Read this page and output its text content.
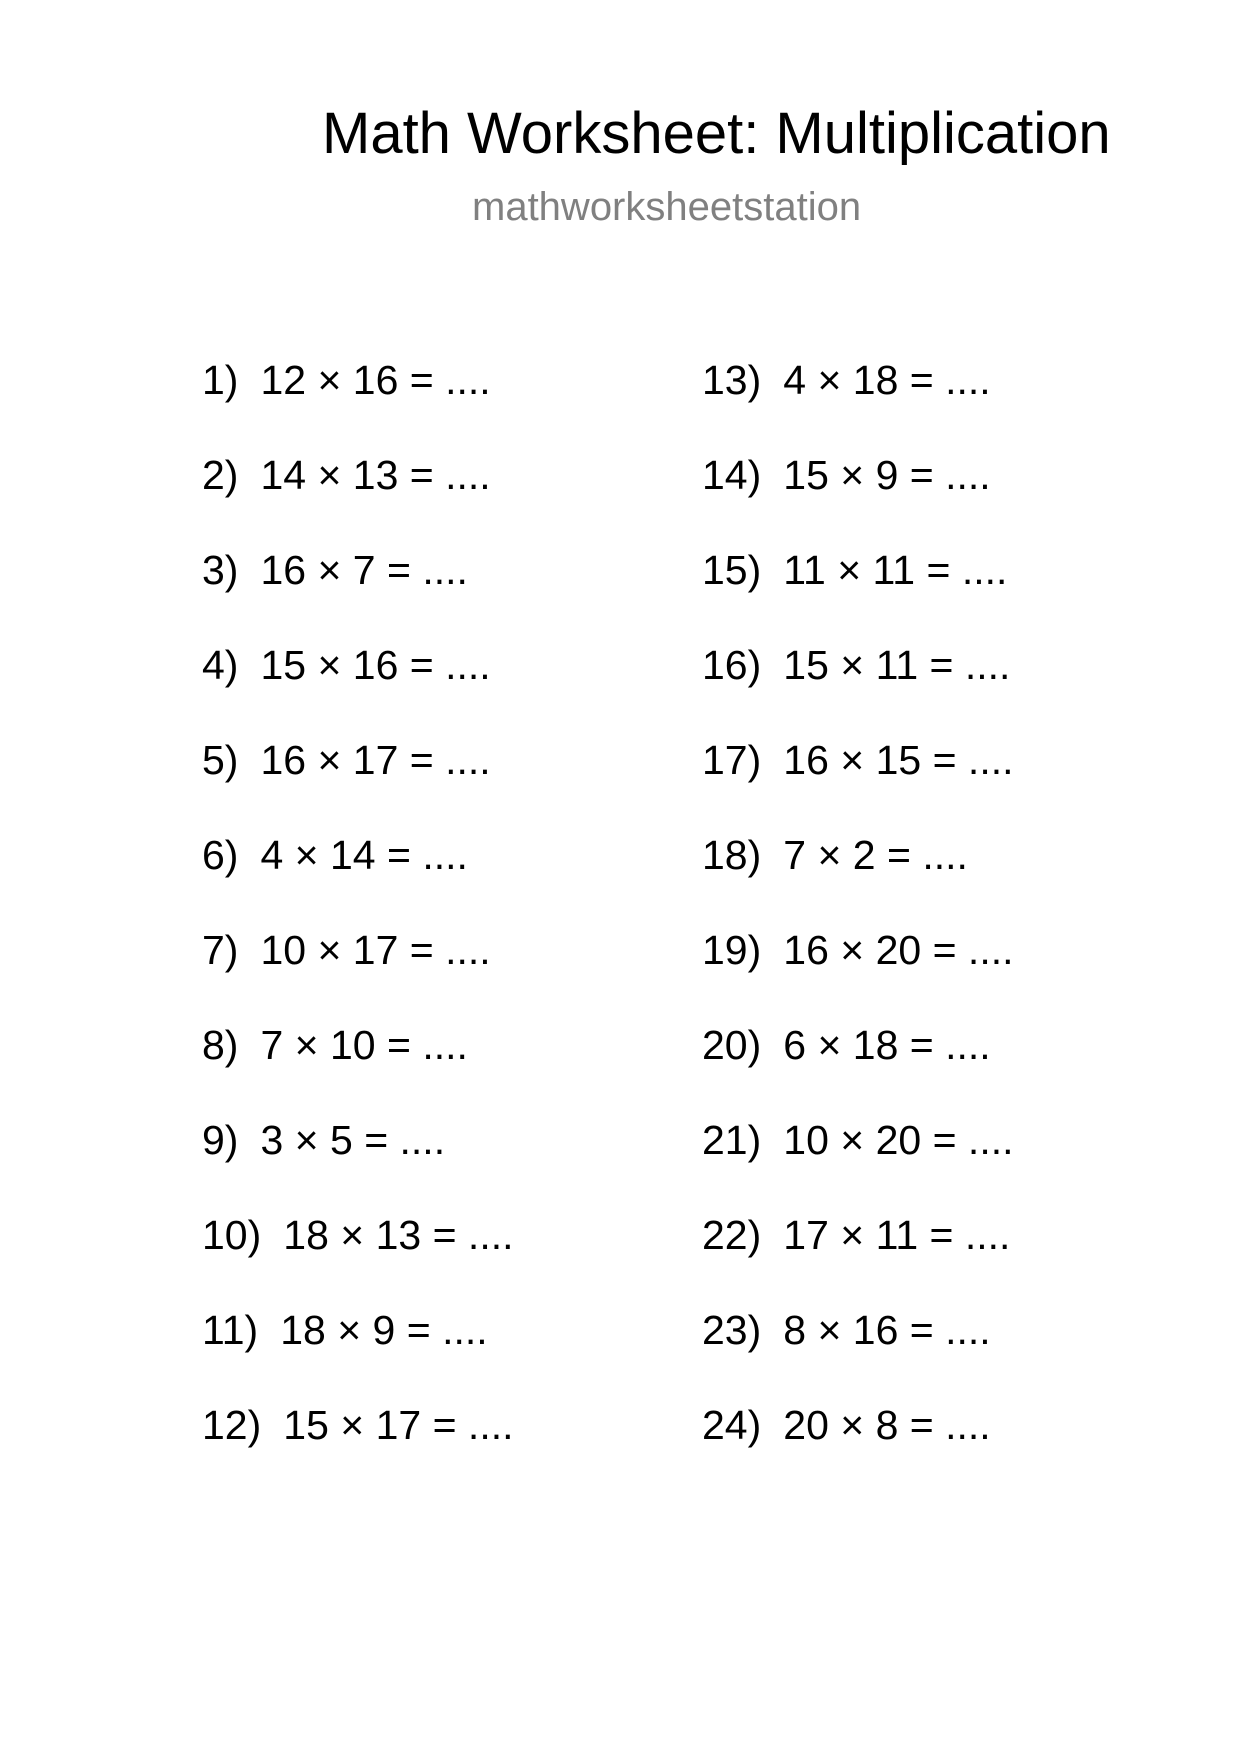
Math Worksheet: Multiplication
mathworksheetstation
1) 12 × 16 = ....
2) 14 × 13 = ....
3) 16 × 7 = ....
4) 15 × 16 = ....
5) 16 × 17 = ....
6) 4 × 14 = ....
7) 10 × 17 = ....
8) 7 × 10 = ....
9) 3 × 5 = ....
10) 18 × 13 = ....
11) 18 × 9 = ....
12) 15 × 17 = ....
13) 4 × 18 = ....
14) 15 × 9 = ....
15) 11 × 11 = ....
16) 15 × 11 = ....
17) 16 × 15 = ....
18) 7 × 2 = ....
19) 16 × 20 = ....
20) 6 × 18 = ....
21) 10 × 20 = ....
22) 17 × 11 = ....
23) 8 × 16 = ....
24) 20 × 8 = ....
